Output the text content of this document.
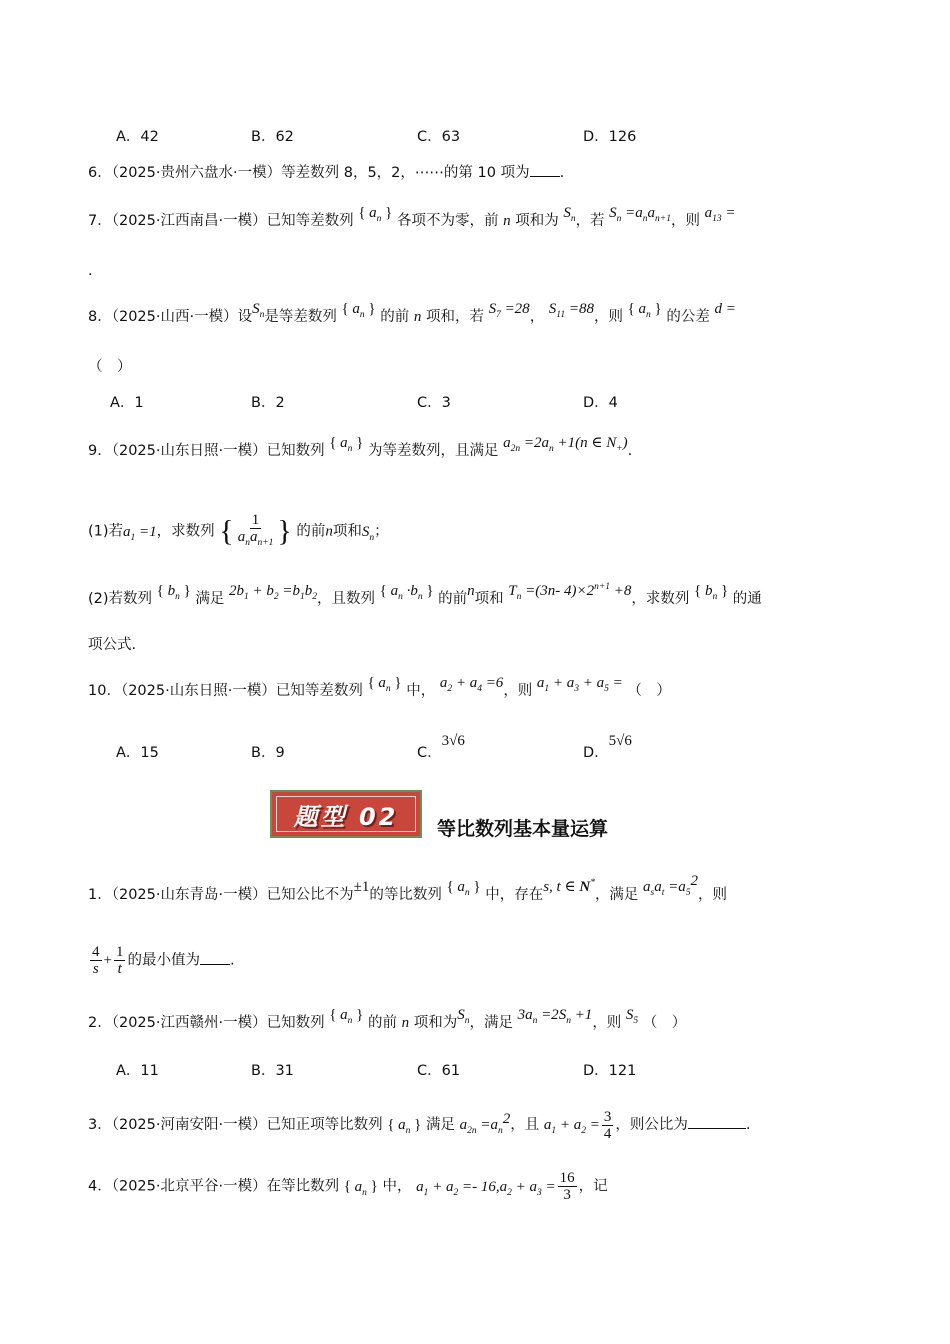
A．42	B．62	C．63	D．126
6．（2025·贵州六盘水·一模）等差数列 8，5，2，⋯⋯的第 10 项为 .
7．（2025·江西南昌·一模）已知等差数列 { $a_n$ } 各项不为零，前 n 项和为 $S_n$，若 $S_n =a_na_{n+1}$，则 $a_{13}$ =
.
8．（2025·山西·一模）设$S_n$是等差数列 { $a_n$ } 的前 n 项和，若 $S_7 =28$， $S_{11} =88$，则 { $a_n$ } 的公差 d =
（　）
A．1	B．2	C．3	D．4
9．（2025·山东日照·一模）已知数列 { $a_n$ } 为等差数列，且满足 $a_{2n} =2a_n +1(n$ ∈ $N_+$).
(1)若$a_1 =1$，求数列 { $\frac{1}{a_na_{n+1}}$ } 的前n项和$S_n$；
(2)若数列 { $b_n$ } 满足 $2b_1 + b_2 =b_1b_2$，且数列 { $a_n \cdot b_n$ } 的前n项和 $T_n =(3n-$ $4)\times 2^{n+1} +8$，求数列 { $b_n$ } 的通
项公式.
10．（2025·山东日照·一模）已知等差数列 { $a_n$ } 中， $a_2 + a_4 =6$，则 $a_1 + a_3 + a_5$ = （　）
A．15	B．9	C．3√6
D．5√6
题型 02 等比数列基本量运算
1．（2025·山东青岛·一模）已知公比不为±1的等比数列 { $a_n$ } 中，存在s, t ∈ N*，满足 $a_sa_t =a_5^2$，则
$\frac{4}{s} + \frac{1}{t}$ 的最小值为 .
2．（2025·江西赣州·一模）已知数列 { $a_n$ } 的前 n 项和为$S_n$，满足 $3a_n =2S_n +1$，则 $S_5$ （　）
A．11	B．31	C．61	D．121
3．（2025·河南安阳·一模）已知正项等比数列 { $a_n$ } 满足 $a_{2n} =a_n^2$，且 $a_1 + a_2 = \frac{3}{4}$ ，则公比为	.
4．（2025·北京平谷·一模）在等比数列 { $a_n$ } 中， $a_1 + a_2 =- 16,a_2 + a_3 = \frac{16}{3}$ ，记
